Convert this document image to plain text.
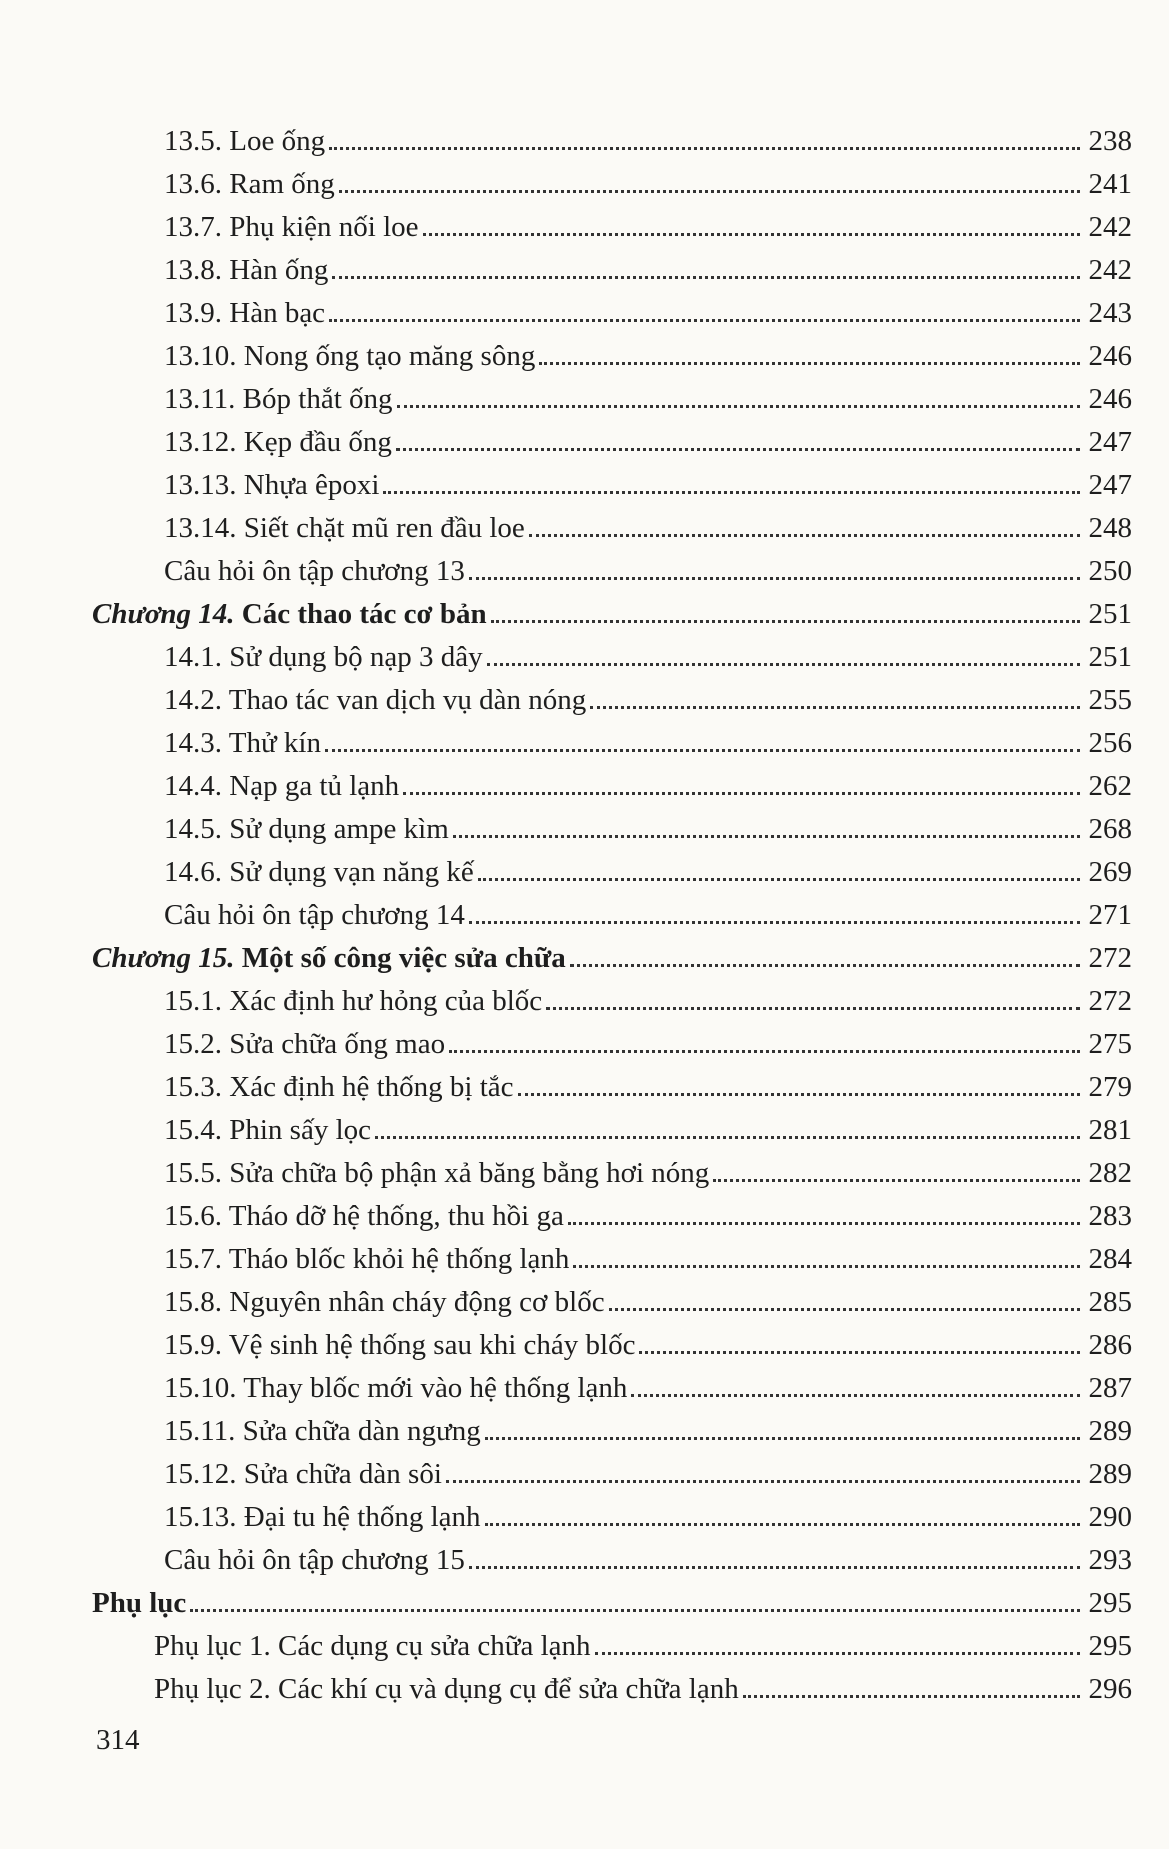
13.5. Loe ống	238
13.6. Ram ống	241
13.7. Phụ kiện nối loe	242
13.8. Hàn ống	242
13.9. Hàn bạc	243
13.10. Nong ống tạo măng sông	246
13.11. Bóp thắt ống	246
13.12. Kẹp đầu ống	247
13.13. Nhựa êpoxi	247
13.14. Siết chặt mũ ren đầu loe	248
Câu hỏi ôn tập chương 13	250
Chương 14. Các thao tác cơ bản	251
14.1. Sử dụng bộ nạp 3 dây	251
14.2. Thao tác van dịch vụ dàn nóng	255
14.3. Thử kín	256
14.4. Nạp ga tủ lạnh	262
14.5. Sử dụng ampe kìm	268
14.6. Sử dụng vạn năng kế	269
Câu hỏi ôn tập chương 14	271
Chương 15. Một số công việc sửa chữa	272
15.1. Xác định hư hỏng của blốc	272
15.2. Sửa chữa ống mao	275
15.3. Xác định hệ thống bị tắc	279
15.4. Phin sấy lọc	281
15.5. Sửa chữa bộ phận xả băng bằng hơi nóng	282
15.6. Tháo dỡ hệ thống, thu hồi ga	283
15.7. Tháo blốc khỏi hệ thống lạnh	284
15.8. Nguyên nhân cháy động cơ blốc	285
15.9. Vệ sinh hệ thống sau khi cháy blốc	286
15.10. Thay blốc mới vào hệ thống lạnh	287
15.11. Sửa chữa dàn ngưng	289
15.12. Sửa chữa dàn sôi	289
15.13. Đại tu hệ thống lạnh	290
Câu hỏi ôn tập chương 15	293
Phụ lục	295
Phụ lục 1. Các dụng cụ sửa chữa lạnh	295
Phụ lục 2. Các khí cụ và dụng cụ để sửa chữa lạnh	296
314
